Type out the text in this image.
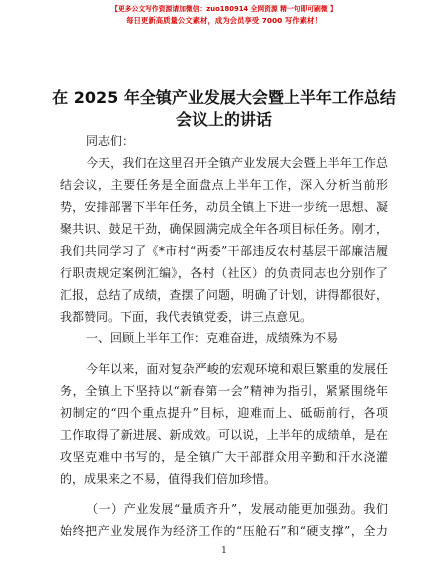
【更多公文写作资源请加微信：zuo180914 全网资源 精一句即可刷微 】
每日更新高质量公文素材，成为会员享受 7000 写作素材！
在 2025 年全镇产业发展大会暨上半年工作总结
会议上的讲话
同志们：
今天，我们在这里召开全镇产业发展大会暨上半年工作总
结会议，主要任务是全面盘点上半年工作，深入分析当前形
势，安排部署下半年任务，动员全镇上下进一步统一思想、凝
聚共识、鼓足干劲，确保圆满完成全年各项目标任务。刚才，
我们共同学习了《*市村“两委”干部违反农村基层干部廉洁履
行职责规定案例汇编》，各村（社区）的负责同志也分别作了
汇报，总结了成绩，查摆了问题，明确了计划，讲得都很好，
我都赞同。下面，我代表镇党委，讲三点意见。
一、回顾上半年工作：克难奋进，成绩殊为不易
今年以来，面对复杂严峻的宏观环境和艰巨繁重的发展任
务，全镇上下坚持以“新春第一会”精神为指引，紧紧围绕年
初制定的“四个重点提升”目标，迎难而上、砥砺前行，各项
工作取得了新进展、新成效。可以说，上半年的成绩单，是在
攻坚克难中书写的，是全镇广大干部群众用辛勤和汗水浇灌
的，成果来之不易，值得我们倍加珍惜。
（一）产业发展“量质齐升”，发展动能更加强劲。我们
始终把产业发展作为经济工作的“压舱石”和“硬支撑”，全力
1
